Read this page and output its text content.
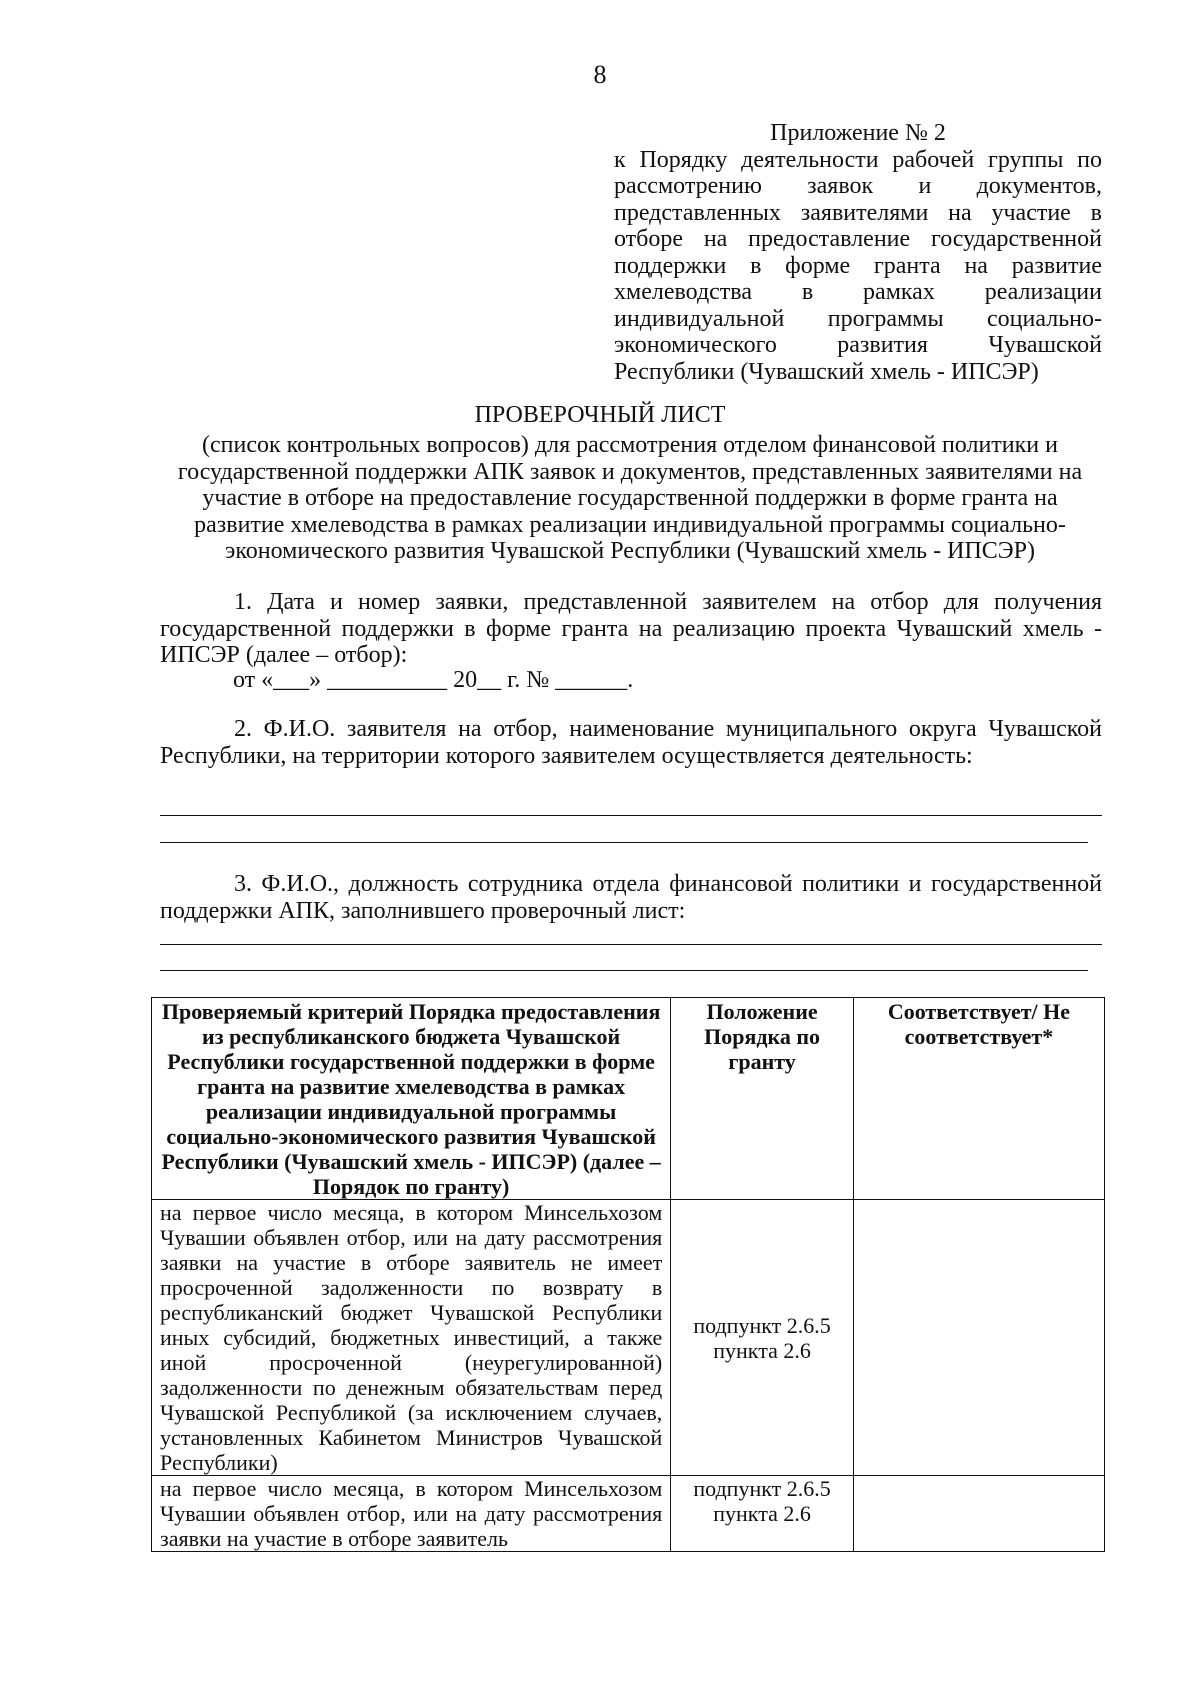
8
Приложение № 2
к Порядку деятельности рабочей группы по рассмотрению заявок и документов, представленных заявителями на участие в отборе на предоставление государственной поддержки в форме гранта на развитие хмелеводства в рамках реализации индивидуальной программы социально-экономического развития Чувашской Республики (Чувашский хмель - ИПСЭР)
ПРОВЕРОЧНЫЙ ЛИСТ
(список контрольных вопросов) для рассмотрения отделом финансовой политики и государственной поддержки АПК заявок и документов, представленных заявителями на участие в отборе на предоставление государственной поддержки в форме гранта на развитие хмелеводства в рамках реализации индивидуальной программы социально-экономического развития Чувашской Республики (Чувашский хмель - ИПСЭР)
1. Дата и номер заявки, представленной заявителем на отбор для получения государственной поддержки в форме гранта на реализацию проекта Чувашский хмель - ИПСЭР (далее – отбор):
от «___» __________ 20__ г. № ______.
2. Ф.И.О. заявителя на отбор, наименование муниципального округа Чувашской Республики, на территории которого заявителем осуществляется деятельность:
3. Ф.И.О., должность сотрудника отдела финансовой политики и государственной поддержки АПК, заполнившего проверочный лист:
Проверяемый критерий Порядка предоставления из республиканского бюджета Чувашской Республики государственной поддержки в форме гранта на развитие хмелеводства в рамках реализации индивидуальной программы социально-экономического развития Чувашской Республики (Чувашский хмель - ИПСЭР) (далее – Порядок по гранту)	Положение Порядка по гранту	Соответствует/ Не соответствует*
на первое число месяца, в котором Минсельхозом Чувашии объявлен отбор, или на дату рассмотрения заявки на участие в отборе заявитель не имеет просроченной задолженности по возврату в республиканский бюджет Чувашской Республики иных субсидий, бюджетных инвестиций, а также иной просроченной (неурегулированной) задолженности по денежным обязательствам перед Чувашской Республикой (за исключением случаев, установленных Кабинетом Министров Чувашской Республики)	подпункт 2.6.5 пункта 2.6	
на первое число месяца, в котором Минсельхозом Чувашии объявлен отбор, или на дату рассмотрения заявки на участие в отборе заявитель	подпункт 2.6.5 пункта 2.6	
